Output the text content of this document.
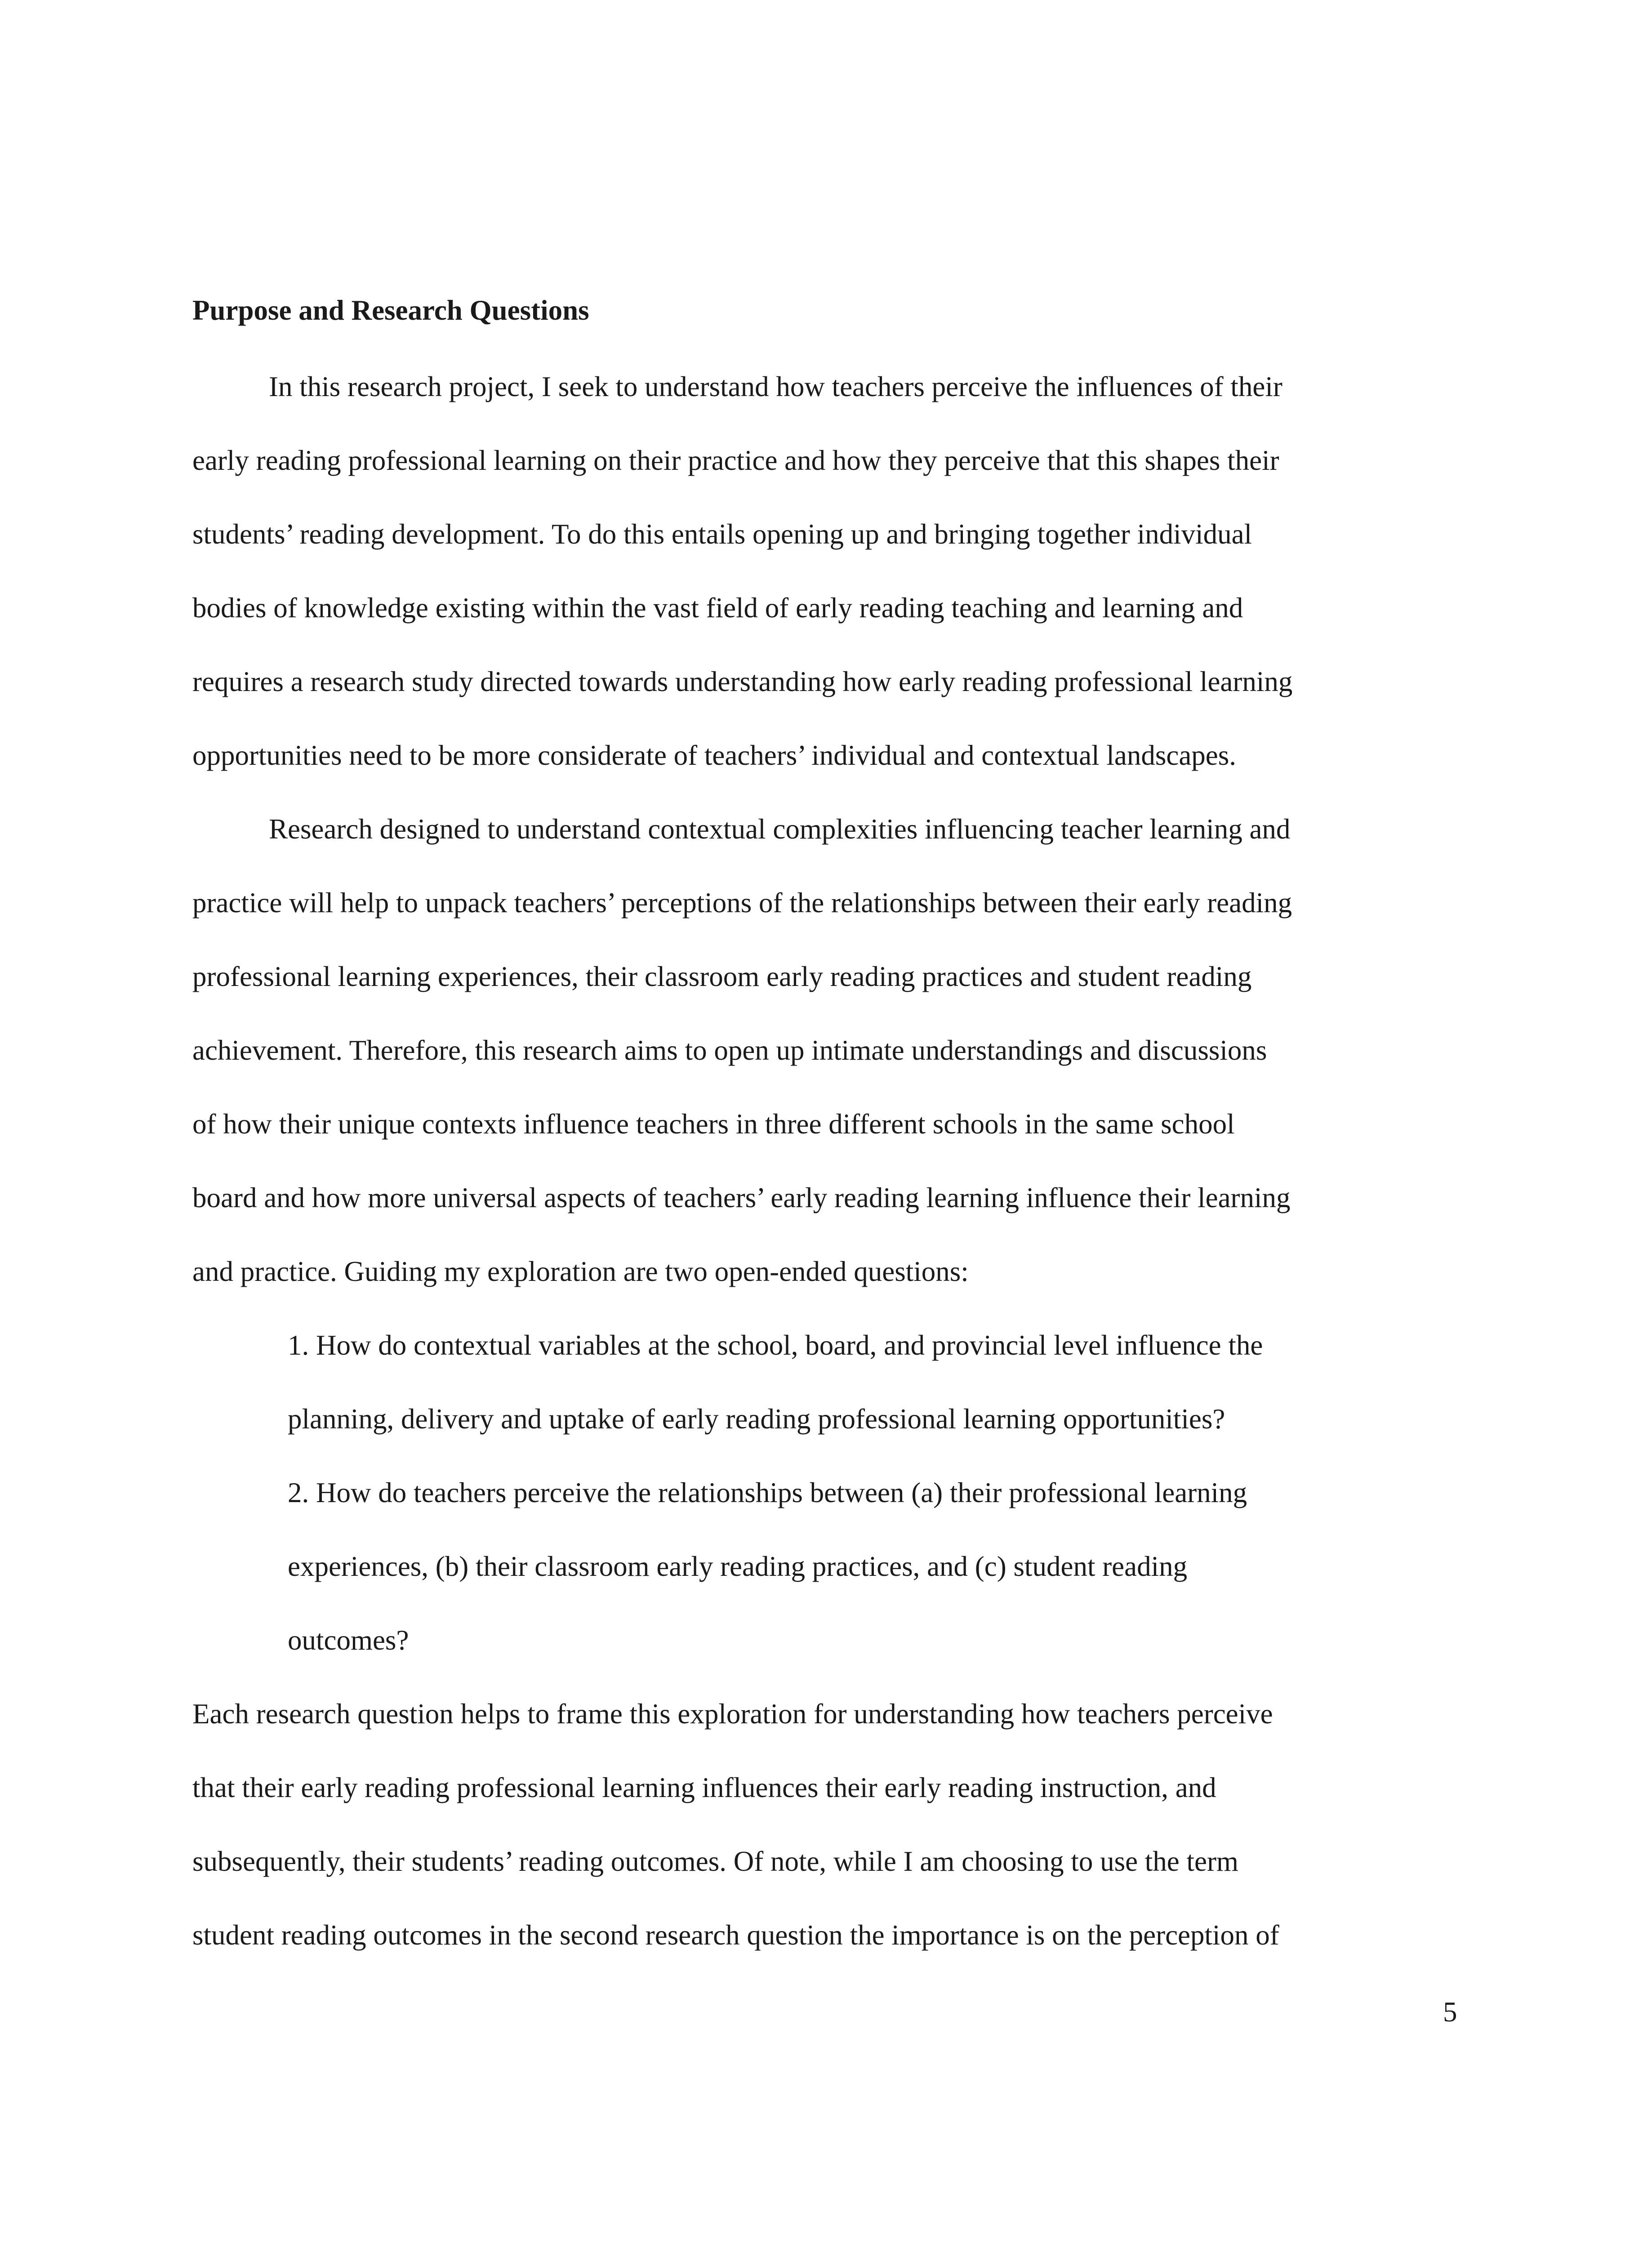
Purpose and Research Questions
In this research project, I seek to understand how teachers perceive the influences of their
early reading professional learning on their practice and how they perceive that this shapes their
students’ reading development. To do this entails opening up and bringing together individual
bodies of knowledge existing within the vast field of early reading teaching and learning and
requires a research study directed towards understanding how early reading professional learning
opportunities need to be more considerate of teachers’ individual and contextual landscapes.
Research designed to understand contextual complexities influencing teacher learning and
practice will help to unpack teachers’ perceptions of the relationships between their early reading
professional learning experiences, their classroom early reading practices and student reading
achievement. Therefore, this research aims to open up intimate understandings and discussions
of how their unique contexts influence teachers in three different schools in the same school
board and how more universal aspects of teachers’ early reading learning influence their learning
and practice. Guiding my exploration are two open-ended questions:
1. How do contextual variables at the school, board, and provincial level influence the
planning, delivery and uptake of early reading professional learning opportunities?
2. How do teachers perceive the relationships between (a) their professional learning
experiences, (b) their classroom early reading practices, and (c) student reading
outcomes?
Each research question helps to frame this exploration for understanding how teachers perceive
that their early reading professional learning influences their early reading instruction, and
subsequently, their students’ reading outcomes. Of note, while I am choosing to use the term
student reading outcomes in the second research question the importance is on the perception of
5
